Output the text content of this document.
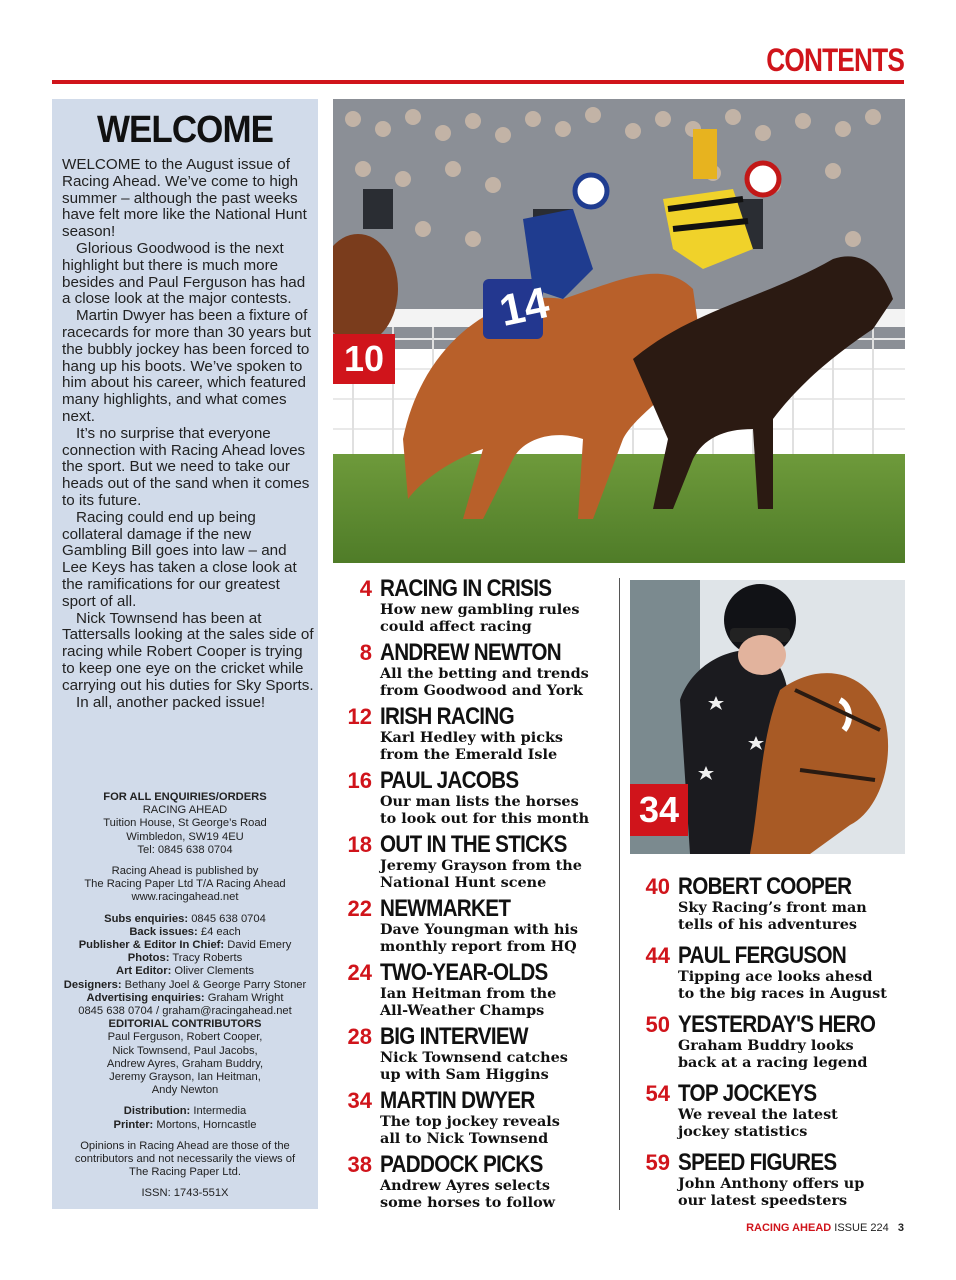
CONTENTS
WELCOME

WELCOME to the August issue of Racing Ahead. We’ve come to high summer – although the past weeks have felt more like the National Hunt season!

Glorious Goodwood is the next highlight but there is much more besides and Paul Ferguson has had a close look at the major contests.

Martin Dwyer has been a fixture of racecards for more than 30 years but the bubbly jockey has been forced to hang up his boots. We’ve spoken to him about his career, which featured many highlights, and what comes next.

It’s no surprise that everyone connection with Racing Ahead loves the sport. But we need to take our heads out of the sand when it comes to its future.

Racing could end up being collateral damage if the new Gambling Bill goes into law – and Lee Keys has taken a close look at the ramifications for our greatest sport of all.

Nick Townsend has been at Tattersalls looking at the sales side of racing while Robert Cooper is trying to keep one eye on the cricket while carrying out his duties for Sky Sports.

In all, another packed issue!

FOR ALL ENQUIRIES/ORDERS
RACING AHEAD
Tuition House, St George’s Road
Wimbledon, SW19 4EU
Tel: 0845 638 0704
Racing Ahead is published by
The Racing Paper Ltd T/A Racing Ahead
www.racingahead.net
Subs enquiries: 0845 638 0704
Back issues: £4 each
Publisher & Editor In Chief: David Emery
Photos: Tracy Roberts
Art Editor: Oliver Clements
Designers: Bethany Joel & George Parry Stoner
Advertising enquiries: Graham Wright
0845 638 0704 / graham@racingahead.net
EDITORIAL CONTRIBUTORS
Paul Ferguson, Robert Cooper,
Nick Townsend, Paul Jacobs,
Andrew Ayres, Graham Buddry,
Jeremy Grayson, Ian Heitman,
Andy Newton
Distribution: Intermedia
Printer: Mortons, Horncastle
Opinions in Racing Ahead are those of the
contributors and not necessarily the views of
The Racing Paper Ltd.
ISSN: 1743-551X
14
10
34
4 RACING IN CRISIS
How new gambling rules
could affect racing
8 ANDREW NEWTON
All the betting and trends
from Goodwood and York
12 IRISH RACING
Karl Hedley with picks
from the Emerald Isle
16 PAUL JACOBS
Our man lists the horses
to look out for this month
18 OUT IN THE STICKS
Jeremy Grayson from the
National Hunt scene
22 NEWMARKET
Dave Youngman with his
monthly report from HQ
24 TWO-YEAR-OLDS
Ian Heitman from the
All-Weather Champs
28 BIG INTERVIEW
Nick Townsend catches
up with Sam Higgins
34 MARTIN DWYER
The top jockey reveals
all to Nick Townsend
38 PADDOCK PICKS
Andrew Ayres selects
some horses to follow
40 ROBERT COOPER
Sky Racing’s front man
tells of his adventures
44 PAUL FERGUSON
Tipping ace looks ahesd
to the big races in August
50 YESTERDAY'S HERO
Graham Buddry looks
back at a racing legend
54 TOP JOCKEYS
We reveal the latest
jockey statistics
59 SPEED FIGURES
John Anthony offers up
our latest speedsters
RACING AHEAD ISSUE 224 3
